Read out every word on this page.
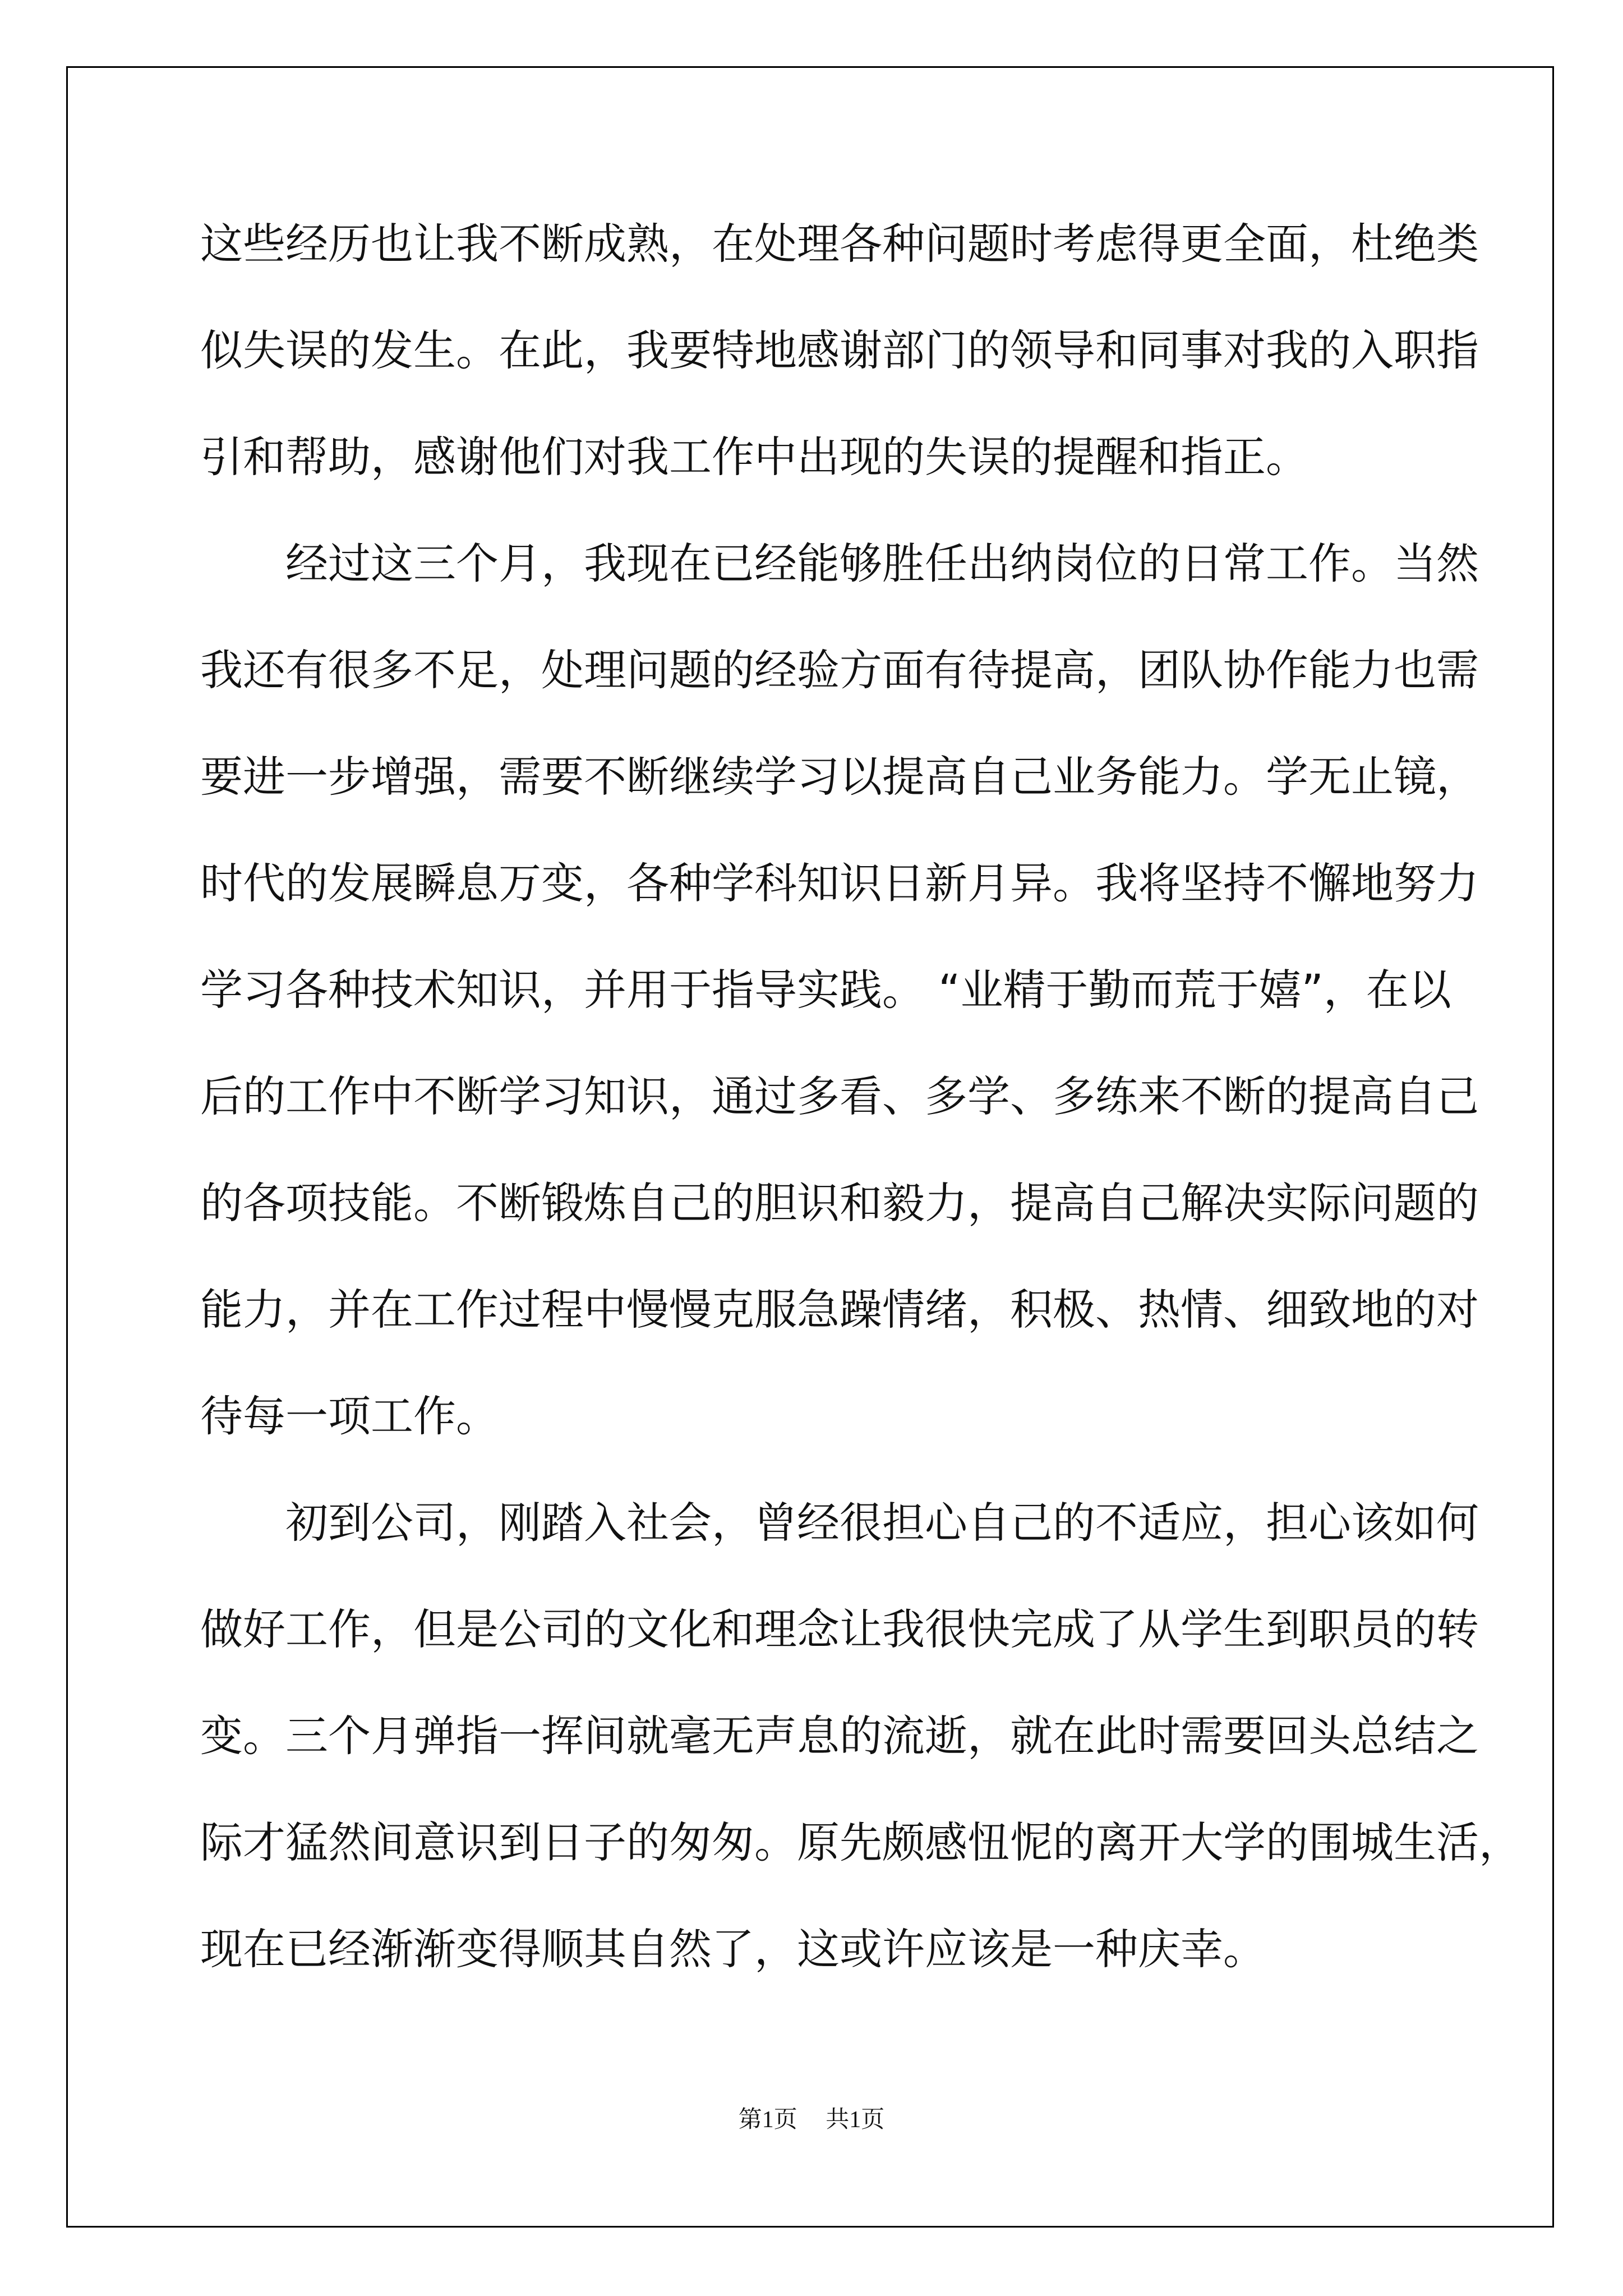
这些经历也让我不断成熟，在处理各种问题时考虑得更全面，杜绝类
似失误的发生。在此，我要特地感谢部门的领导和同事对我的入职指
引和帮助，感谢他们对我工作中出现的失误的提醒和指正。
经过这三个月，我现在已经能够胜任出纳岗位的日常工作。当然
我还有很多不足，处理问题的经验方面有待提高，团队协作能力也需
要进一步增强，需要不断继续学习以提高自己业务能力。学无止镜，
时代的发展瞬息万变，各种学科知识日新月异。我将坚持不懈地努力
学习各种技术知识，并用于指导实践。 “业精于勤而荒于嬉”，在以
后的工作中不断学习知识，通过多看、多学、多练来不断的提高自己
的各项技能。不断锻炼自己的胆识和毅力，提高自己解决实际问题的
能力，并在工作过程中慢慢克服急躁情绪，积极、热情、细致地的对
待每一项工作。
初到公司，刚踏入社会，曾经很担心自己的不适应，担心该如何
做好工作，但是公司的文化和理念让我很快完成了从学生到职员的转
变。三个月弹指一挥间就毫无声息的流逝，就在此时需要回头总结之
际才猛然间意识到日子的匆匆。原先颇感忸怩的离开大学的围城生活，
现在已经渐渐变得顺其自然了，这或许应该是一种庆幸。
第1页 共1页
